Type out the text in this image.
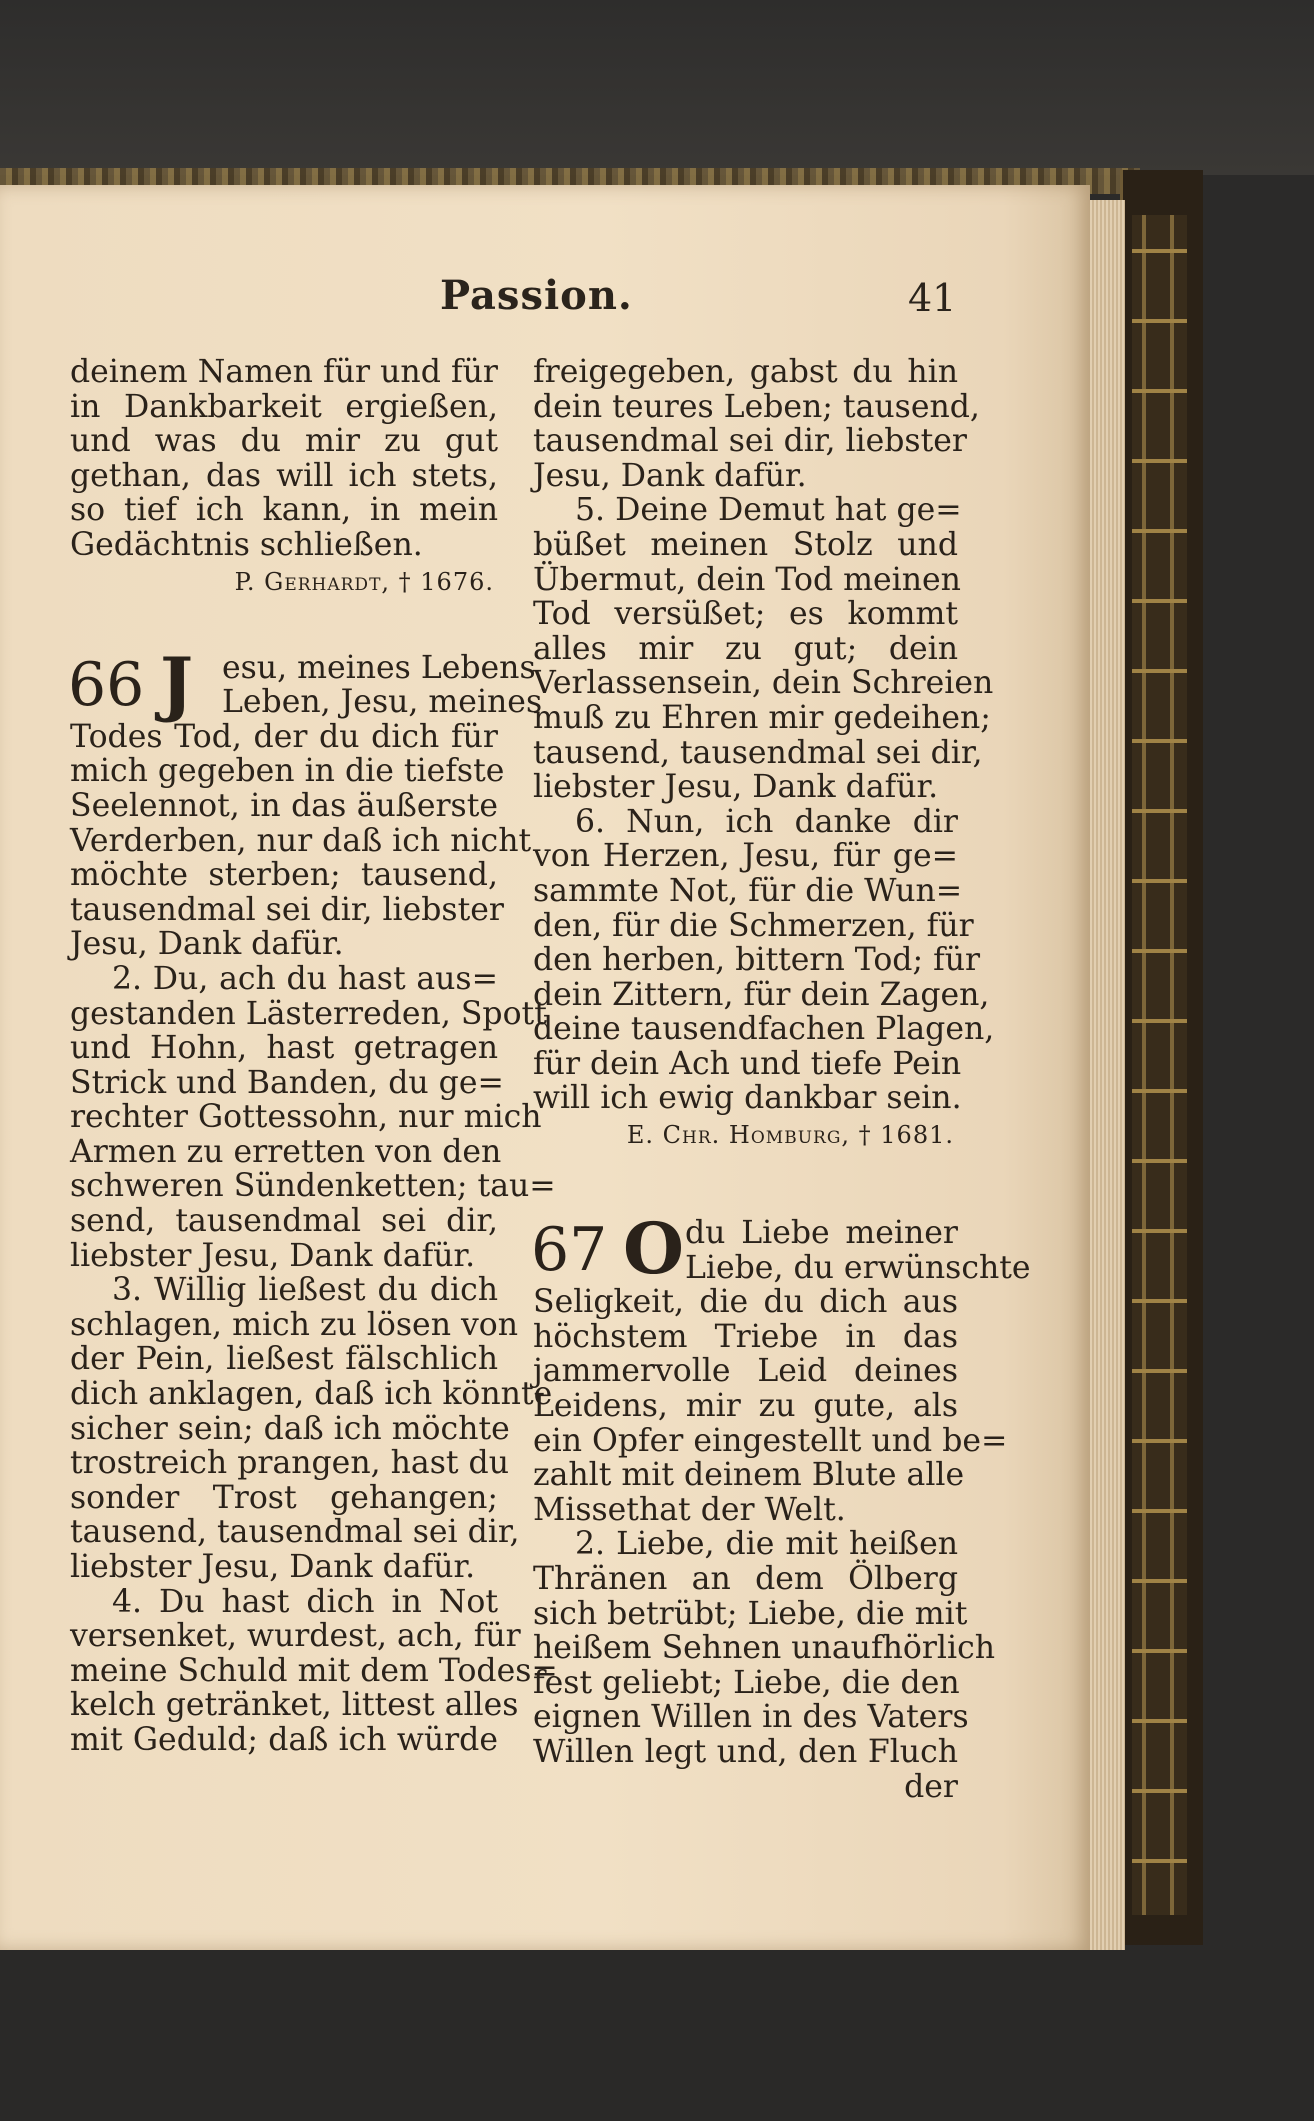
Passion.	41
deinem Namen für und für
in Dankbarkeit ergießen,
und was du mir zu gut
gethan, das will ich stets,
so tief ich kann, in mein
Gedächtnis schließen.
P. Gerhardt, † 1676.
66 J esu, meines Lebens
Leben, Jesu, meines
Todes Tod, der du dich für
mich gegeben in die tiefste
Seelennot, in das äußerste
Verderben, nur daß ich nicht
möchte sterben; tausend,
tausendmal sei dir, liebster
Jesu, Dank dafür.
2. Du, ach du hast aus=
gestanden Lästerreden, Spott
und Hohn, hast getragen
Strick und Banden, du ge=
rechter Gottessohn, nur mich
Armen zu erretten von den
schweren Sündenketten; tau=
send, tausendmal sei dir,
liebster Jesu, Dank dafür.
3. Willig ließest du dich
schlagen, mich zu lösen von
der Pein, ließest fälschlich
dich anklagen, daß ich könnte
sicher sein; daß ich möchte
trostreich prangen, hast du
sonder Trost gehangen;
tausend, tausendmal sei dir,
liebster Jesu, Dank dafür.
4. Du hast dich in Not
versenket, wurdest, ach, für
meine Schuld mit dem Todes=
kelch getränket, littest alles
mit Geduld; daß ich würde
freigegeben, gabst du hin
dein teures Leben; tausend,
tausendmal sei dir, liebster
Jesu, Dank dafür.
5. Deine Demut hat ge=
büßet meinen Stolz und
Übermut, dein Tod meinen
Tod versüßet; es kommt
alles mir zu gut; dein
Verlassensein, dein Schreien
muß zu Ehren mir gedeihen;
tausend, tausendmal sei dir,
liebster Jesu, Dank dafür.
6. Nun, ich danke dir
von Herzen, Jesu, für ge=
sammte Not, für die Wun=
den, für die Schmerzen, für
den herben, bittern Tod; für
dein Zittern, für dein Zagen,
deine tausendfachen Plagen,
für dein Ach und tiefe Pein
will ich ewig dankbar sein.
E. Chr. Homburg, † 1681.
67 O du Liebe meiner
Liebe, du erwünschte
Seligkeit, die du dich aus
höchstem Triebe in das
jammervolle Leid deines
Leidens, mir zu gute, als
ein Opfer eingestellt und be=
zahlt mit deinem Blute alle
Missethat der Welt.
2. Liebe, die mit heißen
Thränen an dem Ölberg
sich betrübt; Liebe, die mit
heißem Sehnen unaufhörlich
fest geliebt; Liebe, die den
eignen Willen in des Vaters
Willen legt und, den Fluch
der
